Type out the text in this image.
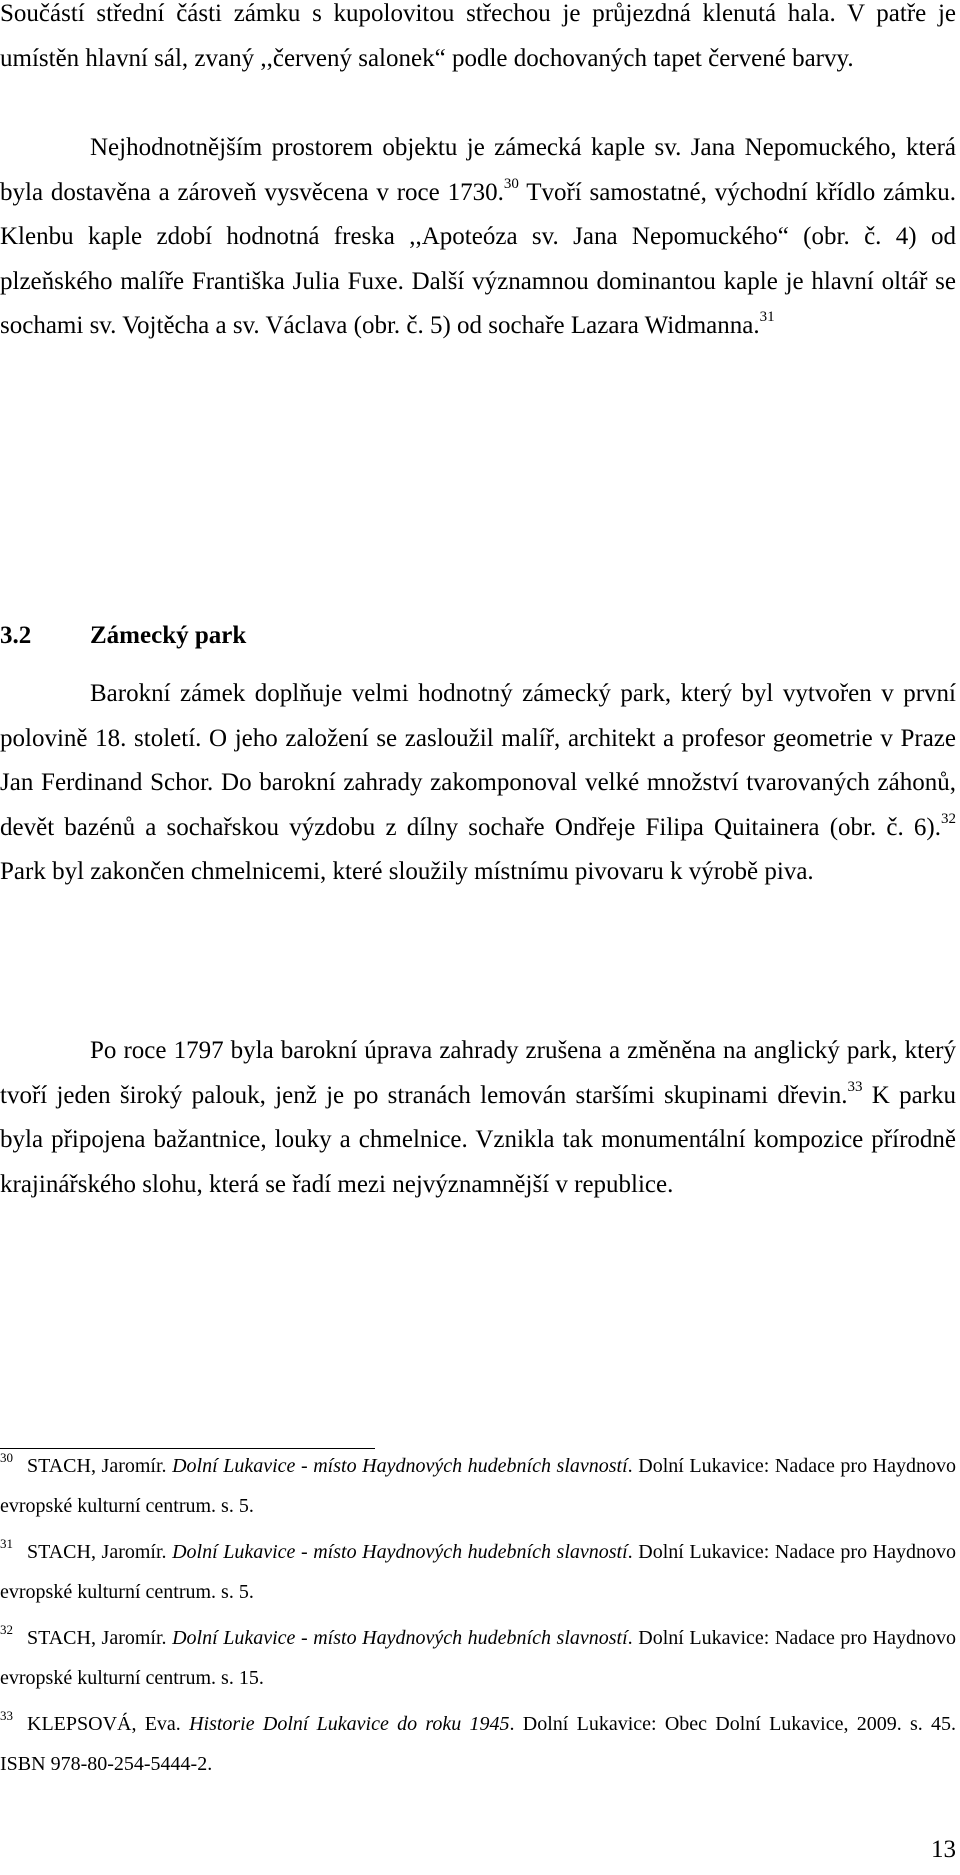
Součástí střední části zámku s kupolovitou střechou je průjezdná klenutá hala. V patře je umístěn hlavní sál, zvaný ,,červený salonek“ podle dochovaných tapet červené barvy.

Nejhodnotnějším prostorem objektu je zámecká kaple sv. Jana Nepomuckého, která byla dostavěna a zároveň vysvěcena v roce 1730.30 Tvoří samostatné, východní křídlo zámku. Klenbu kaple zdobí hodnotná freska ,,Apoteóza sv. Jana Nepomuckého“ (obr. č. 4) od plzeňského malíře Františka Julia Fuxe. Další významnou dominantou kaple je hlavní oltář se sochami sv. Vojtěcha a sv. Václava (obr. č. 5) od sochaře Lazara Widmanna.$^{31}$

3.2 Zámecký park

Barokní zámek doplňuje velmi hodnotný zámecký park, který byl vytvořen v první polovině 18. století. O jeho založení se zasloužil malíř, architekt a profesor geometrie v Praze Jan Ferdinand Schor. Do barokní zahrady zakomponoval velké množství tvarovaných záhonů, devět bazénů a sochařskou výzdobu z dílny sochaře Ondřeje Filipa Quitainera (obr. č. 6).$^{32}$ Park byl zakončen chmelnicemi, které sloužily místnímu pivovaru k výrobě piva.

Po roce 1797 byla barokní úprava zahrady zrušena a změněna na anglický park, který tvoří jeden široký palouk, jenž je po stranách lemován staršími skupinami dřevin.$^{33}$ K parku byla připojena bažantnice, louky a chmelnice. Vznikla tak monumentální kompozice přírodně krajinářského slohu, která se řadí mezi nejvýznamnější v republice.

$^{30}$ STACH, Jaromír. Dolní Lukavice - místo Haydnových hudebních slavností. Dolní Lukavice: Nadace pro Haydnovo evropské kulturní centrum. s. 5.

$^{31}$ STACH, Jaromír. Dolní Lukavice - místo Haydnových hudebních slavností. Dolní Lukavice: Nadace pro Haydnovo evropské kulturní centrum. s. 5.

$^{32}$ STACH, Jaromír. Dolní Lukavice - místo Haydnových hudebních slavností. Dolní Lukavice: Nadace pro Haydnovo evropské kulturní centrum. s. 15.

$^{33}$ KLEPSOVÁ, Eva. Historie Dolní Lukavice do roku 1945. Dolní Lukavice: Obec Dolní Lukavice, 2009. s. 45. ISBN 978-80-254-5444-2.

13
